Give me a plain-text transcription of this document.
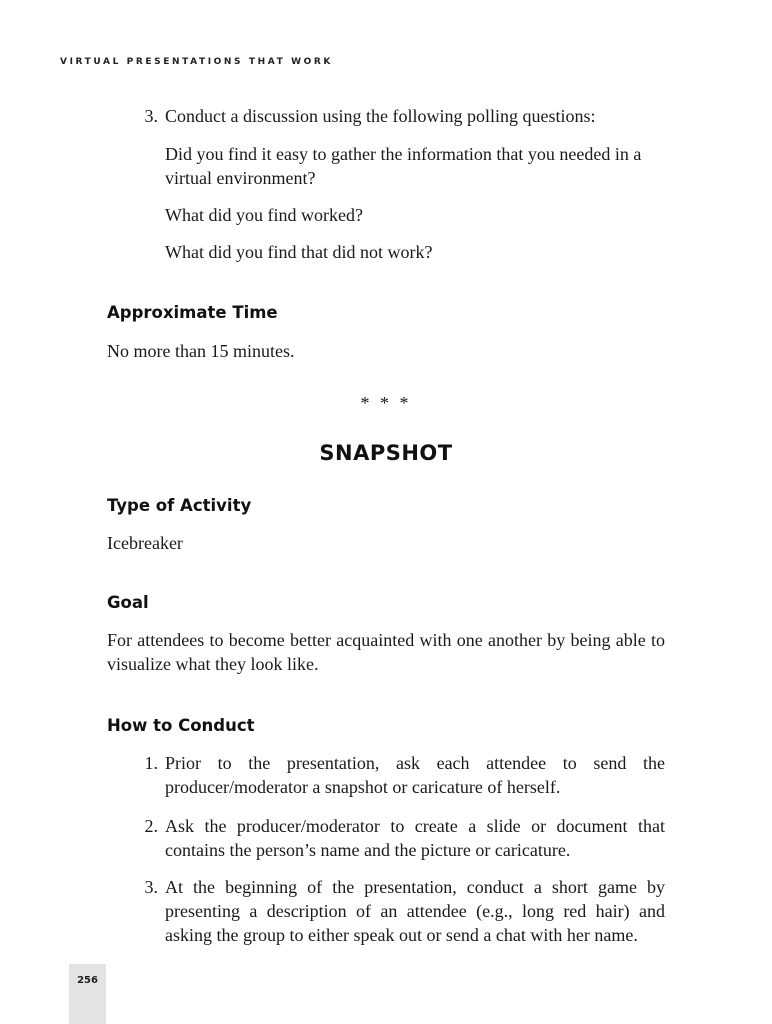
VIRTUAL PRESENTATIONS THAT WORK
3. Conduct a discussion using the following polling questions:
Did you find it easy to gather the information that you needed in a virtual environment?
What did you find worked?
What did you find that did not work?
Approximate Time
No more than 15 minutes.
* * *
SNAPSHOT
Type of Activity
Icebreaker
Goal
For attendees to become better acquainted with one another by being able to visualize what they look like.
How to Conduct
1. Prior to the presentation, ask each attendee to send the producer/moderator a snapshot or caricature of herself.
2. Ask the producer/moderator to create a slide or document that contains the person’s name and the picture or caricature.
3. At the beginning of the presentation, conduct a short game by presenting a description of an attendee (e.g., long red hair) and asking the group to either speak out or send a chat with her name.
256
